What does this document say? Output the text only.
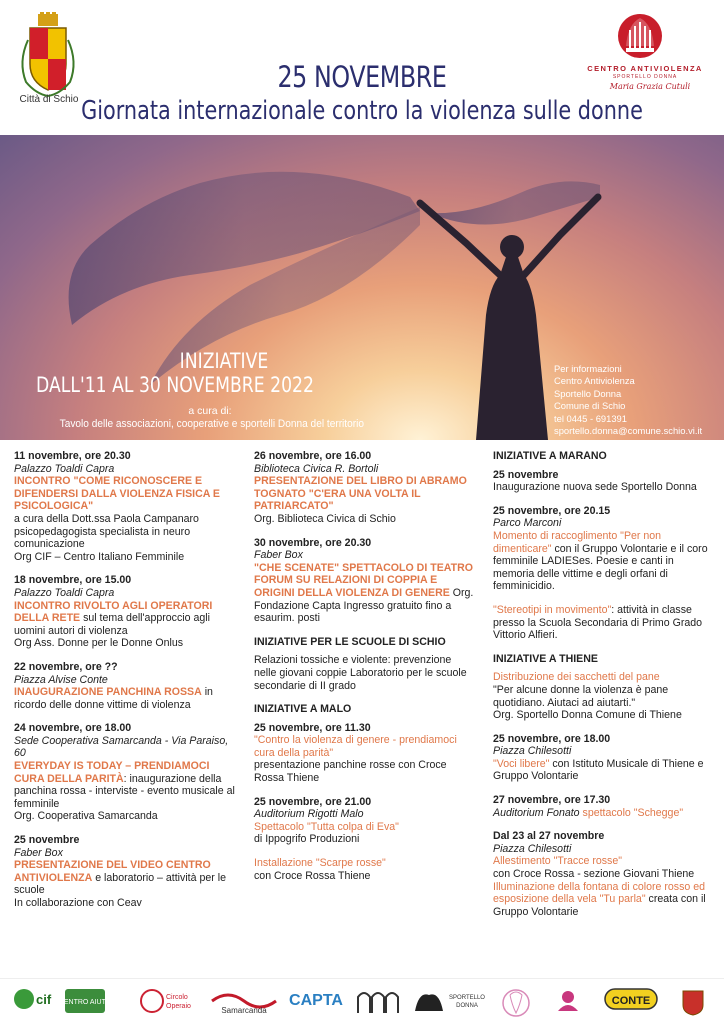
Città di Schio
CENTRO ANTIVIOLENZA
SPORTELLO DONNA
Maria Grazia Cutuli
25 NOVEMBRE
Giornata internazionale contro la violenza sulle donne
INIZIATIVE
DALL'11 AL 30 NOVEMBRE 2022
a cura di:
Tavolo delle associazioni, cooperative e sportelli Donna del territorio
Per informazioni
Centro Antiviolenza
Sportello Donna
Comune di Schio
tel 0445 - 691391
sportello.donna@comune.schio.vi.it
11 novembre, ore 20.30
Palazzo Toaldi Capra
INCONTRO "COME RICONOSCERE E DIFENDERSI DALLA VIOLENZA FISICA E PSICOLOGICA"
a cura della Dott.ssa Paola Campanaro psicopedagogista specialista in neuro comunicazione
Org CIF – Centro Italiano Femminile
18 novembre, ore 15.00
Palazzo Toaldi Capra
INCONTRO RIVOLTO AGLI OPERATORI DELLA RETE sul tema dell'approccio agli uomini autori di violenza
Org Ass. Donne per le Donne Onlus
22 novembre, ore ??
Piazza Alvise Conte
INAUGURAZIONE PANCHINA ROSSA in ricordo delle donne vittime di violenza
24 novembre, ore 18.00
Sede Cooperativa Samarcanda - Via Paraiso, 60
EVERYDAY IS TODAY – PRENDIAMOCI CURA DELLA PARITÀ: inaugurazione della panchina rossa - interviste - evento musicale al femminile
Org. Cooperativa Samarcanda
25 novembre
Faber Box
PRESENTAZIONE DEL VIDEO CENTRO ANTIVIOLENZA e laboratorio – attività per le scuole
In collaborazione con Ceav
26 novembre, ore 16.00
Biblioteca Civica R. Bortoli
PRESENTAZIONE DEL LIBRO DI ABRAMO TOGNATO "C'ERA UNA VOLTA IL PATRIARCATO"
Org. Biblioteca Civica di Schio
30 novembre, ore 20.30
Faber Box
"CHE SCENATE" SPETTACOLO DI TEATRO FORUM SU RELAZIONI DI COPPIA E ORIGINI DELLA VIOLENZA DI GENERE Org. Fondazione Capta Ingresso gratuito fino a esaurim. posti
INIZIATIVE PER LE SCUOLE DI SCHIO
Relazioni tossiche e violente: prevenzione nelle giovani coppie Laboratorio per le scuole secondarie di II grado
INIZIATIVE A MALO
25 novembre, ore 11.30
"Contro la violenza di genere - prendiamoci cura della parità"
presentazione panchine rosse con Croce Rossa Thiene
25 novembre, ore 21.00
Auditorium Rigotti Malo
Spettacolo "Tutta colpa di Eva"
di Ippogrifo Produzioni
Installazione "Scarpe rosse"
con Croce Rossa Thiene
INIZIATIVE A MARANO
25 novembre
Inaugurazione nuova sede Sportello Donna
25 novembre, ore 20.15
Parco Marconi
Momento di raccoglimento "Per non dimenticare" con il Gruppo Volontarie e il coro femminile LADIESes. Poesie e canti in memoria delle vittime e degli orfani di femminicidio.
"Stereotipi in movimento": attività in classe presso la Scuola Secondaria di Primo Grado Vittorio Alfieri.
INIZIATIVE A THIENE
Distribuzione dei sacchetti del pane
"Per alcune donne la violenza è pane quotidiano. Aiutaci ad aiutarti."
Org. Sportello Donna Comune di Thiene
25 novembre, ore 18.00
Piazza Chilesotti
"Voci libere" con Istituto Musicale di Thiene e Gruppo Volontarie
27 novembre, ore 17.30
Auditorium Fonato spettacolo "Schegge"
Dal 23 al 27 novembre
Piazza Chilesotti
Allestimento "Tracce rosse"
con Croce Rossa - sezione Giovani Thiene
Illuminazione della fontana di colore rosso ed esposizione della vela "Tu parla" creata con il Gruppo Volontarie
cif CENTRO AIUTO
Circolo
Operaio	Samarcanda
CAPTA	SPORTELLO
DONNA	CONTE
